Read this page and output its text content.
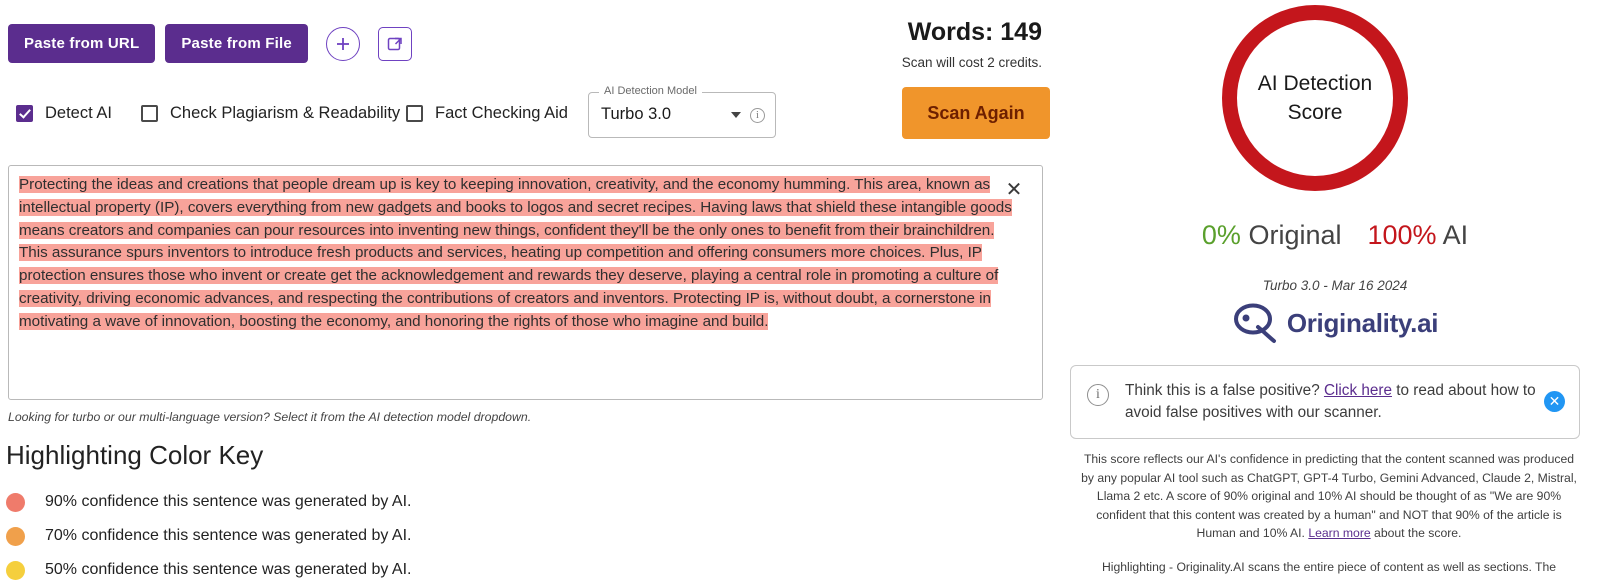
Paste from URL	Paste from File	Words: 149
Scan will cost 2 credits.
Detect AI	Check Plagiarism & Readability Fact Checking Aid
AI Detection Model
Turbo 3.0	i	Scan Again
Protecting the ideas and creations that people dream up is key to keeping innovation, creativity, and the economy humming. This area, known as intellectual property (IP), covers everything from new gadgets and books to logos and secret recipes. Having laws that shield these intangible goods means creators and companies can pour resources into inventing new things, confident they'll be the only ones to benefit from their brainchildren. This assurance spurs inventors to introduce fresh products and services, heating up competition and offering consumers more choices. Plus, IP protection ensures those who invent or create get the acknowledgement and rewards they deserve, playing a central role in promoting a culture of creativity, driving economic advances, and respecting the contributions of creators and inventors. Protecting IP is, without doubt, a cornerstone in motivating a wave of innovation, boosting the economy, and honoring the rights of those who imagine and build.
✕
Looking for turbo or our multi-language version? Select it from the AI detection model dropdown.
Highlighting Color Key
90% confidence this sentence was generated by AI.
70% confidence this sentence was generated by AI.
50% confidence this sentence was generated by AI.
AI Detection
Score
0% Original 100% AI
Turbo 3.0 - Mar 16 2024
Originality.ai
i	Think this is a false positive? Click here to read about how to avoid false positives with our scanner.
✕
This score reflects our AI's confidence in predicting that the content scanned was produced by any popular AI tool such as ChatGPT, GPT-4 Turbo, Gemini Advanced, Claude 2, Mistral, Llama 2 etc. A score of 90% original and 10% AI should be thought of as "We are 90% confident that this content was created by a human" and NOT that 90% of the article is Human and 10% AI. Learn more about the score.
Highlighting - Originality.AI scans the entire piece of content as well as sections. The
